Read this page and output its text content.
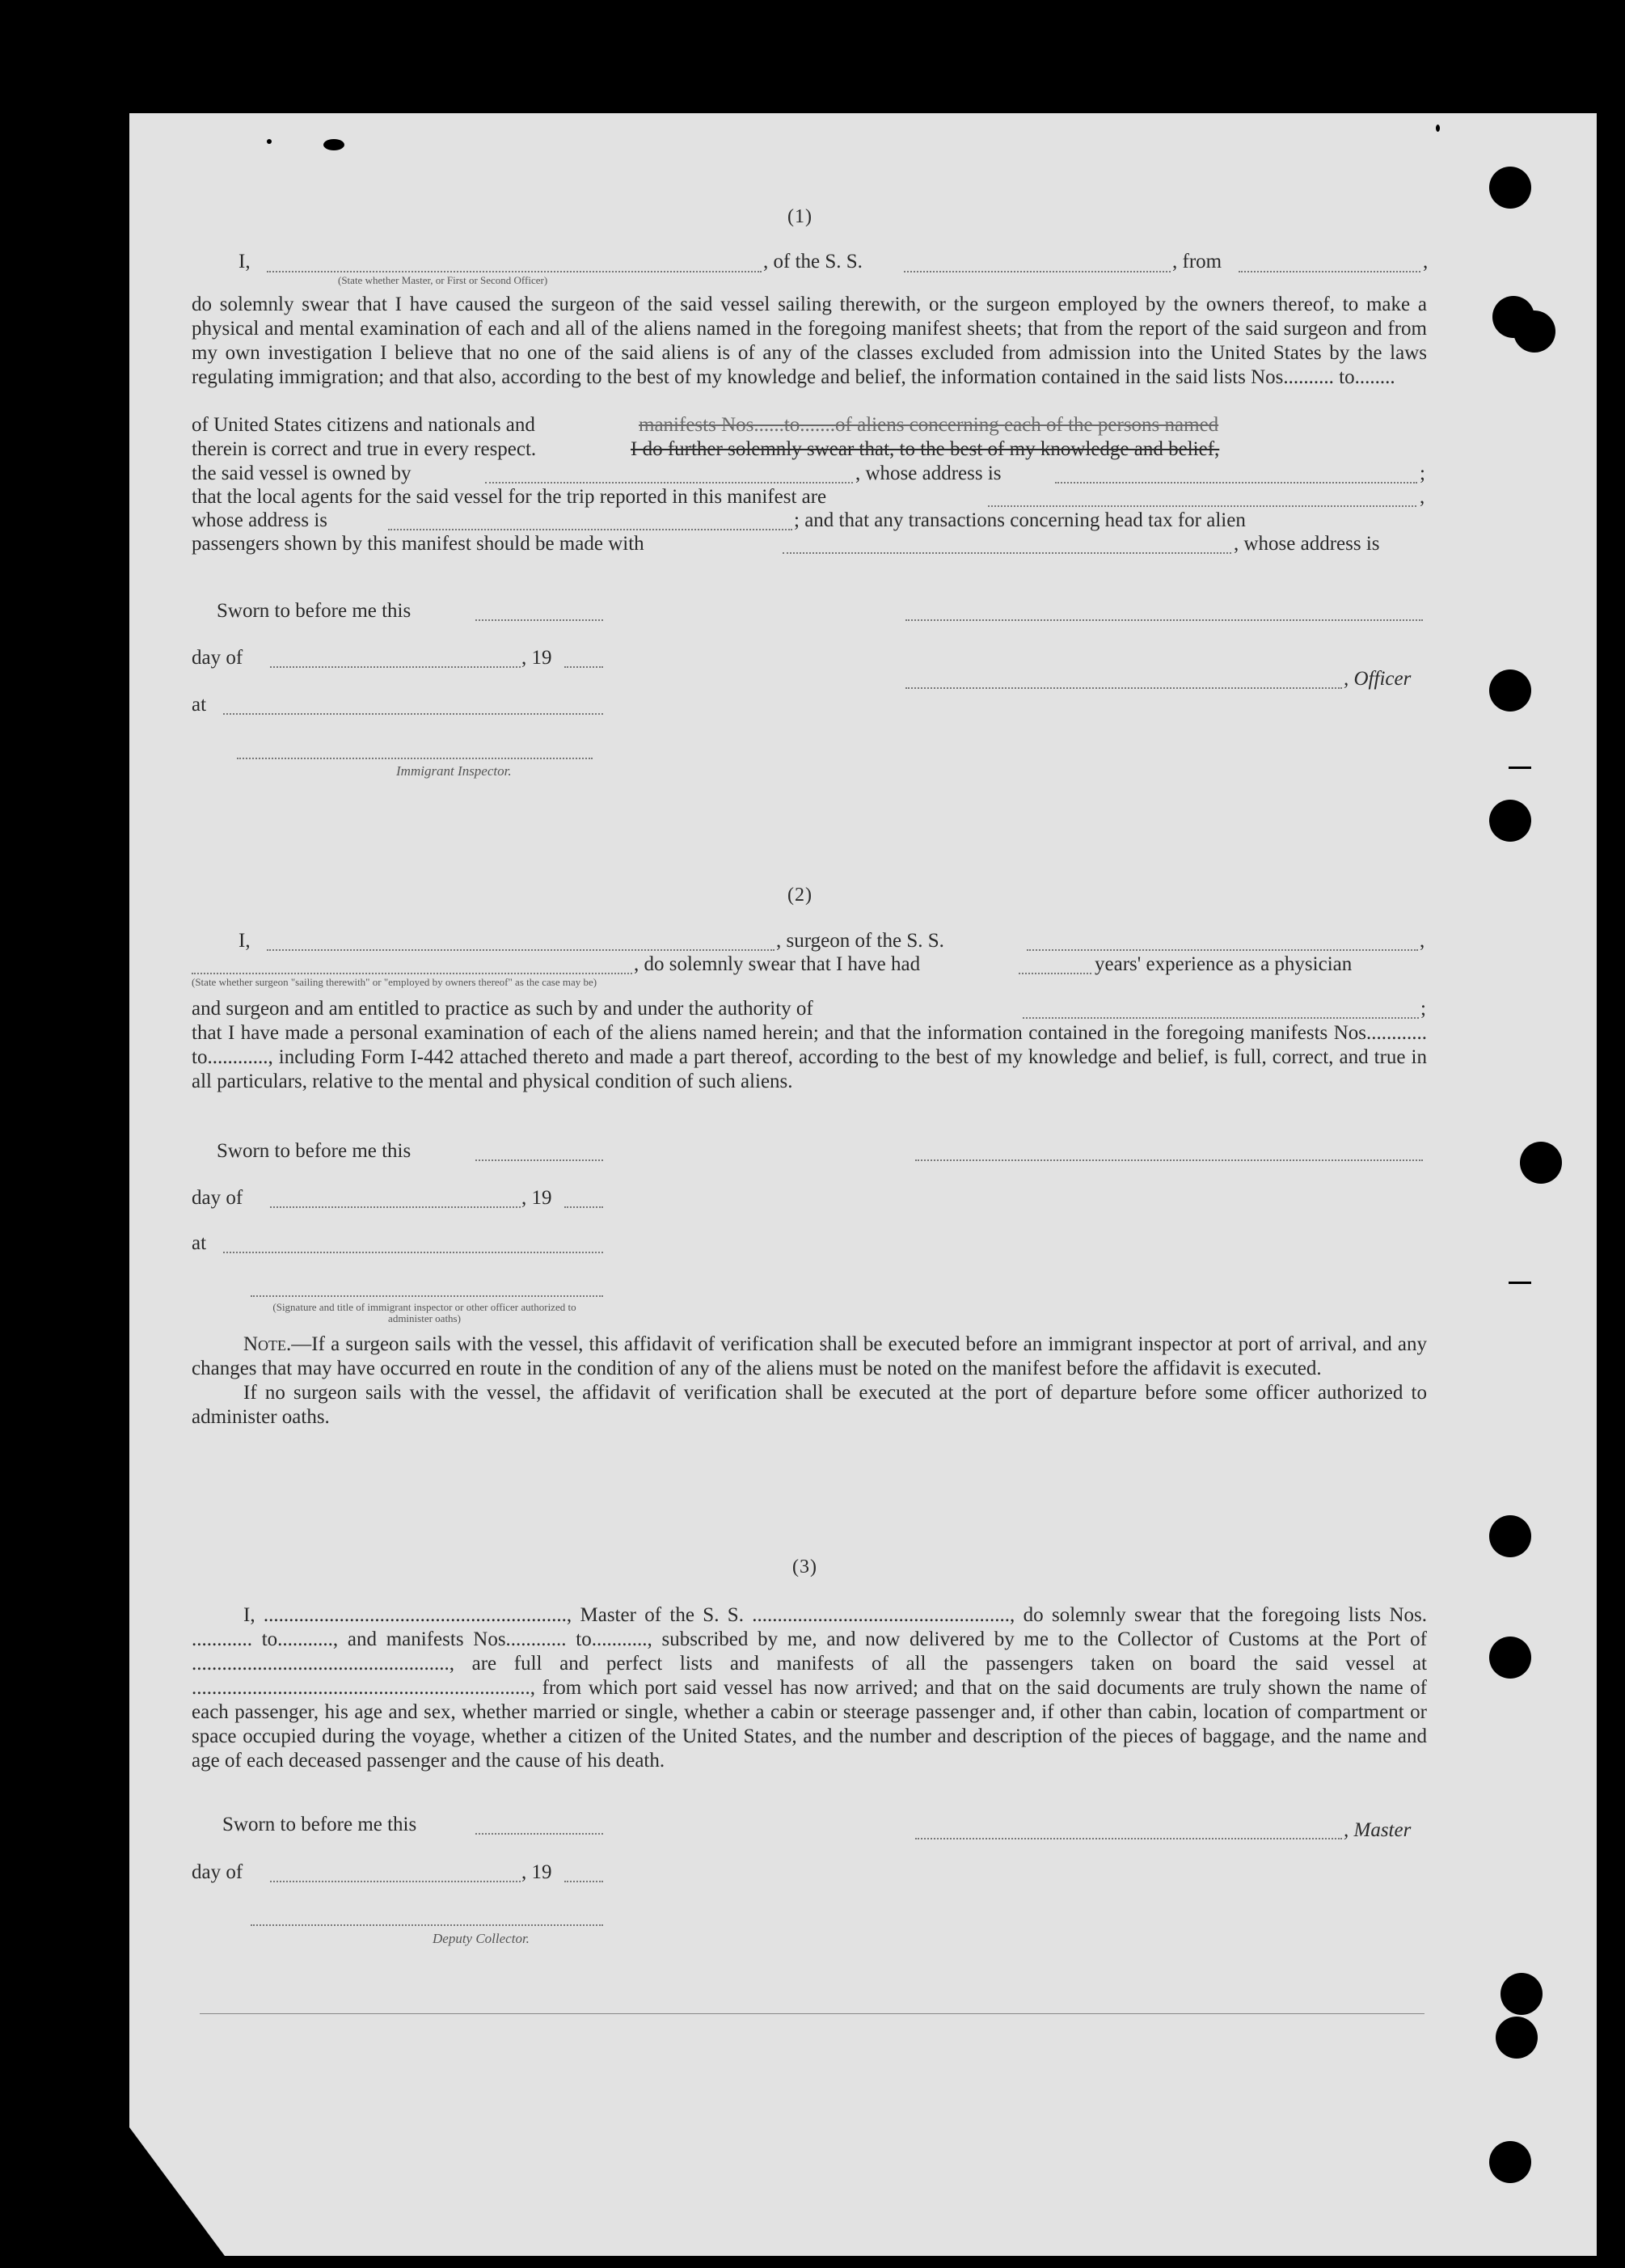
(1)
I,	, of the S. S.	, from	,
(State whether Master, or First or Second Officer)

do solemnly swear that I have caused the surgeon of the said vessel sailing therewith, or the surgeon employed by the owners thereof, to make a physical and mental examination of each and all of the aliens named in the foregoing manifest sheets; that from the report of the said surgeon and from my own investigation I believe that no one of the said aliens is of any of the classes excluded from admission into the United States by the laws regulating immigration; and that also, according to the best of my knowledge and belief, the information contained in the said lists Nos.......... to........

of United States citizens and nationals and	manifests Nos......to.......of aliens concerning each of the persons named
therein is correct and true in every respect.	I do further solemnly swear that, to the best of my knowledge and belief,
the said vessel is owned by	, whose address is	;
that the local agents for the said vessel for the trip reported in this manifest are	,
whose address is	; and that any transactions concerning head tax for alien
passengers shown by this manifest should be made with	, whose address is
Sworn to before me this
day of	, 19
, Officer
at
Immigrant Inspector.
(2)
I,	, surgeon of the S. S.	,
, do solemnly swear that I have had	years' experience as a physician
(State whether surgeon "sailing therewith" or "employed by owners thereof" as the case may be)
and surgeon and am entitled to practice as such by and under the authority of	;

that I have made a personal examination of each of the aliens named herein; and that the information contained in the foregoing manifests Nos............ to............, including Form I-442 attached thereto and made a part thereof, according to the best of my knowledge and belief, is full, correct, and true in all particulars, relative to the mental and physical condition of such aliens.

Sworn to before me this
day of	, 19
at
(Signature and title of immigrant inspector or other officer authorized to administer oaths)

Note.—If a surgeon sails with the vessel, this affidavit of verification shall be executed before an immigrant inspector at port of arrival, and any changes that may have occurred en route in the condition of any of the aliens must be noted on the manifest before the affidavit is executed.

If no surgeon sails with the vessel, the affidavit of verification shall be executed at the port of departure before some officer authorized to administer oaths.

(3)

I, ............................................................, Master of the S. S. ..................................................., do solemnly swear that the foregoing lists Nos. ............ to..........., and manifests Nos............ to..........., subscribed by me, and now delivered by me to the Collector of Customs at the Port of ..................................................., are full and perfect lists and manifests of all the passengers taken on board the said vessel at ..................................................................., from which port said vessel has now arrived; and that on the said documents are truly shown the name of each passenger, his age and sex, whether married or single, whether a cabin or steerage passenger and, if other than cabin, location of compartment or space occupied during the voyage, whether a citizen of the United States, and the number and description of the pieces of baggage, and the name and age of each deceased passenger and the cause of his death.

Sworn to before me this	, Master
day of	, 19
Deputy Collector.
